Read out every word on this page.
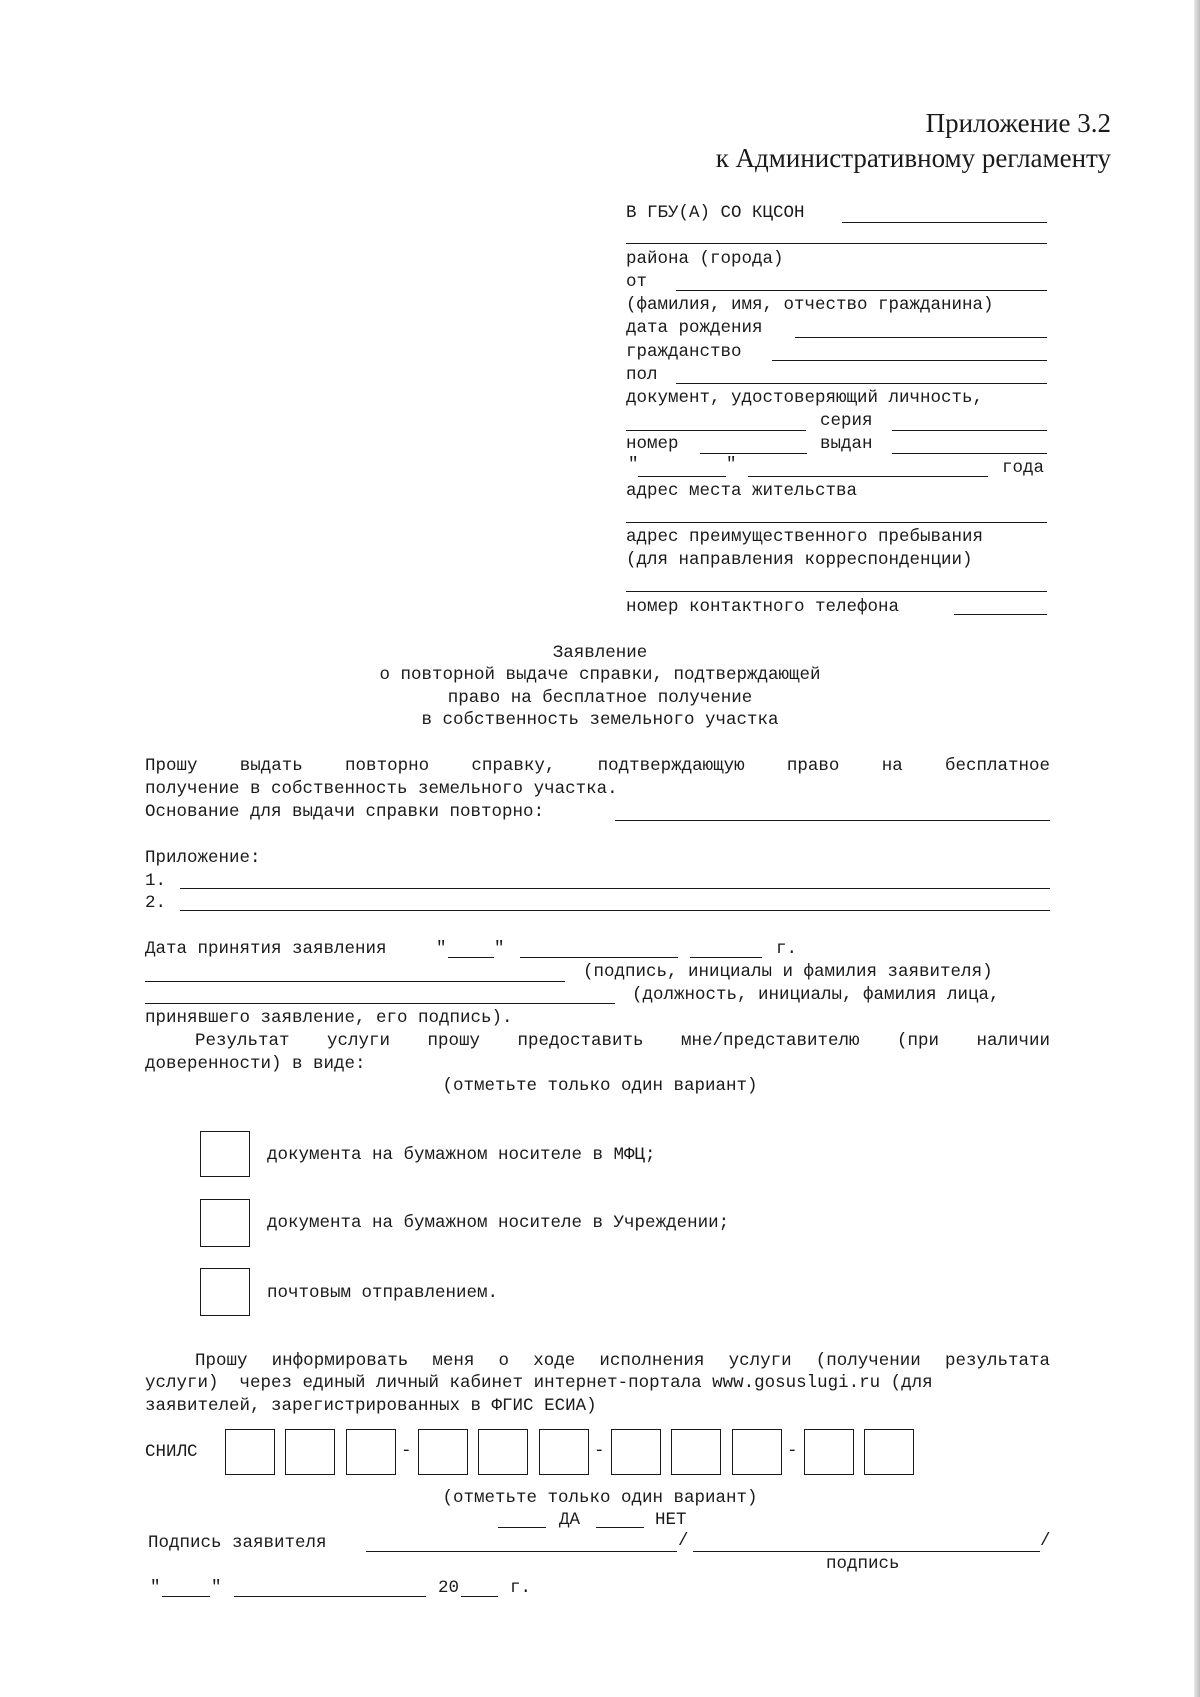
Приложение 3.2
к Административному регламенту
В ГБУ(А) СО КЦСОН
района (города)
от
(фамилия, имя, отчество гражданина)
дата рождения
гражданство
пол
документ, удостоверяющий личность,
серия
номер	выдан
"	"	года
адрес места жительства
адрес преимущественного пребывания
(для направления корреспонденции)
номер контактного телефона
Заявление
о повторной выдаче справки, подтверждающей
право на бесплатное получение
в собственность земельного участка
Прошу выдать повторно справку, подтверждающую право на бесплатное
получение в собственность земельного участка.
Основание для выдачи справки повторно:
Приложение:
1.
2.
Дата принятия заявления	"	"	г.
(подпись, инициалы и фамилия заявителя)
(должность, инициалы, фамилия лица,
принявшего заявление, его подпись).
Результат услуги прошу предоставить мне/представителю (при наличии
доверенности) в виде:
(отметьте только один вариант)
документа на бумажном носителе в МФЦ;
документа на бумажном носителе в Учреждении;
почтовым отправлением.
Прошу информировать меня о ходе исполнения услуги (получении результата
услуги)  через единый личный кабинет интернет-портала www.gosuslugi.ru (для
заявителей, зарегистрированных в ФГИС ЕСИА)
СНИЛС	-	-	-
(отметьте только один вариант)
ДА	НЕТ
Подпись заявителя	/	/
подпись
"	"	20	г.
